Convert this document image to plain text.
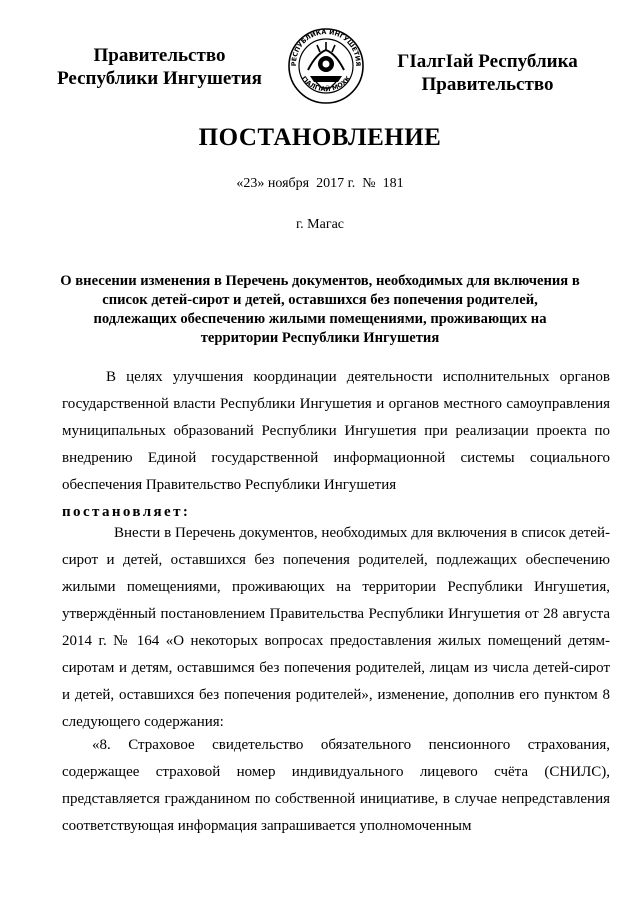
Правительство
Республики Ингушетия
РЕСПУБЛИКА ИНГУШЕТИЯ
ГIАЛГIАЙ МОХК
ГIалгIай Республика
Правительство
ПОСТАНОВЛЕНИЕ
«23» ноября  2017 г.  №  181
г. Магас
О внесении изменения в Перечень документов, необходимых для включения в список детей-сирот и детей, оставшихся без попечения родителей, подлежащих обеспечению жилыми помещениями, проживающих на территории Республики Ингушетия
В целях улучшения координации деятельности исполнительных органов государственной власти Республики Ингушетия и органов местного самоуправления муниципальных образований Республики Ингушетия при реализации проекта по внедрению Единой государственной информационной системы социального обеспечения Правительство Республики Ингушетия
постановляет:
Внести в Перечень документов, необходимых для включения в список детей-сирот и детей, оставшихся без попечения родителей, подлежащих обеспечению жилыми помещениями, проживающих на территории Республики Ингушетия, утверждённый постановлением Правительства Республики Ингушетия от 28 августа 2014 г. № 164 «О некоторых вопросах предоставления жилых помещений детям-сиротам и детям, оставшимся без попечения родителей, лицам из числа детей-сирот и детей, оставшихся без попечения родителей», изменение, дополнив его пунктом 8 следующего содержания:
«8. Страховое свидетельство обязательного пенсионного страхования, содержащее страховой номер индивидуального лицевого счёта (СНИЛС), представляется гражданином по собственной инициативе, в случае непредставления соответствующая информация запрашивается уполномоченным
